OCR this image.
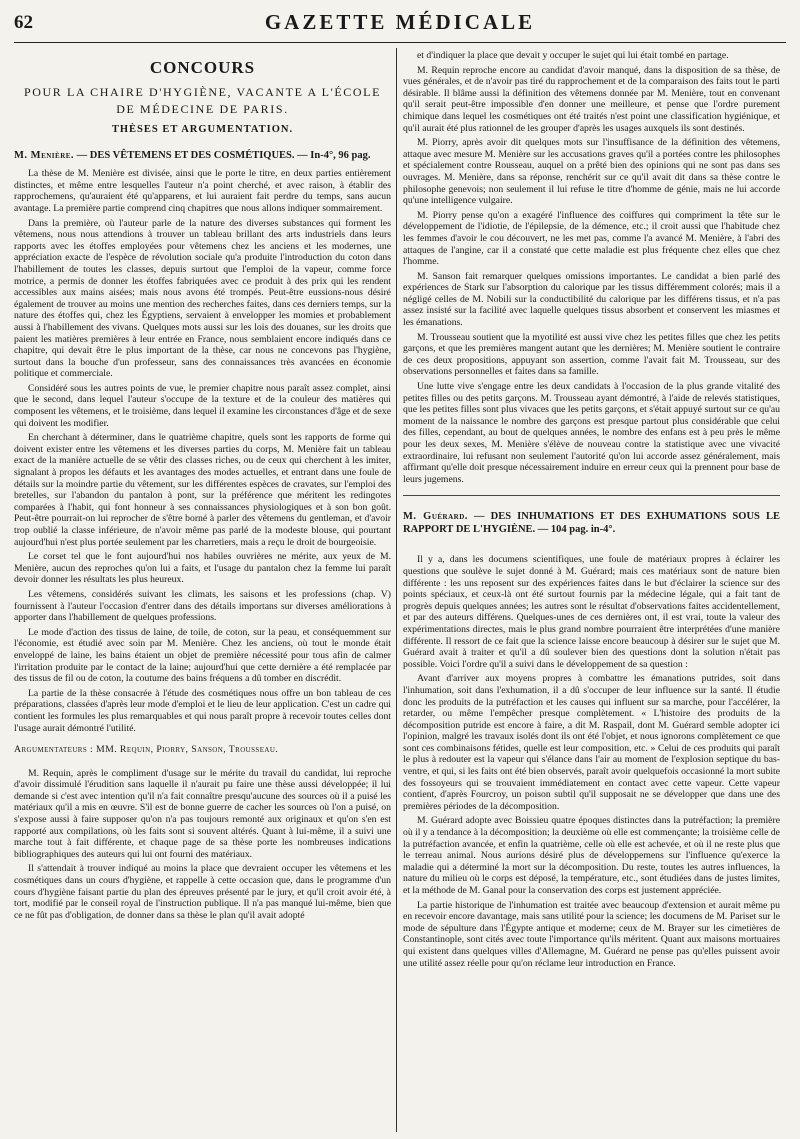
62	GAZETTE MÉDICALE
CONCOURS
POUR LA CHAIRE D'HYGIÈNE, VACANTE A L'ÉCOLE DE MÉDECINE DE PARIS.
THÈSES ET ARGUMENTATION.
M. Menière. — DES VÊTEMENS ET DES COSMÉTIQUES. — In-4°, 96 pag.

La thèse de M. Menière est divisée, ainsi que le porte le titre, en deux parties entièrement distinctes, et même entre lesquelles l'auteur n'a point cherché, et avec raison, à établir des rapprochemens, qu'auraient été qu'apparens, et lui auraient fait perdre du temps, sans aucun avantage. La première partie comprend cinq chapitres que nous allons indiquer sommairement.

Dans la première, où l'auteur parle de la nature des diverses substances qui forment les vêtemens, nous nous attendions à trouver un tableau brillant des arts industriels dans leurs rapports avec les étoffes employées pour vêtemens chez les anciens et les modernes, une appréciation exacte de l'espèce de révolution sociale qu'a produite l'introduction du coton dans l'habillement de toutes les classes, depuis surtout que l'emploi de la vapeur, comme force motrice, a permis de donner les étoffes fabriquées avec ce produit à des prix qui les rendent accessibles aux mains aisées; mais nous avons été trompés. Peut-être eussions-nous désiré également de trouver au moins une mention des recherches faites, dans ces derniers temps, sur la nature des étoffes qui, chez les Égyptiens, servaient à envelopper les momies et probablement aussi à l'habillement des vivans. Quelques mots aussi sur les lois des douanes, sur les droits que paient les matières premières à leur entrée en France, nous semblaient encore indiqués dans ce chapitre, qui devait être le plus important de la thèse, car nous ne concevons pas l'hygiène, surtout dans la bouche d'un professeur, sans des connaissances très avancées en économie politique et commerciale.

Considéré sous les autres points de vue, le premier chapitre nous paraît assez complet, ainsi que le second, dans lequel l'auteur s'occupe de la texture et de la couleur des matières qui composent les vêtemens, et le troisième, dans lequel il examine les circonstances d'âge et de sexe qui doivent les modifier.

En cherchant à déterminer, dans le quatrième chapitre, quels sont les rapports de forme qui doivent exister entre les vêtemens et les diverses parties du corps, M. Menière fait un tableau exact de la manière actuelle de se vêtir des classes riches, ou de ceux qui cherchent à les imiter, signalant à propos les défauts et les avantages des modes actuelles, et entrant dans une foule de détails sur la moindre partie du vêtement, sur les différentes espèces de cravates, sur l'emploi des bretelles, sur l'abandon du pantalon à pont, sur la préférence que méritent les redingotes comparées à l'habit, qui font honneur à ses connaissances physiologiques et à son bon goût. Peut-être pourrait-on lui reprocher de s'être borné à parler des vêtemens du gentleman, et d'avoir trop oublié la classe inférieure, de n'avoir même pas parlé de la modeste blouse, qui pourtant aujourd'hui n'est plus portée seulement par les charretiers, mais a reçu le droit de bourgeoisie.

Le corset tel que le font aujourd'hui nos habiles ouvrières ne mérite, aux yeux de M. Menière, aucun des reproches qu'on lui a faits, et l'usage du pantalon chez la femme lui paraît devoir donner les résultats les plus heureux.

Les vêtemens, considérés suivant les climats, les saisons et les professions (chap. V) fournissent à l'auteur l'occasion d'entrer dans des détails importans sur diverses améliorations à apporter dans l'habillement de quelques professions.

Le mode d'action des tissus de laine, de toile, de coton, sur la peau, et conséquemment sur l'économie, est étudié avec soin par M. Menière. Chez les anciens, où tout le monde était enveloppé de laine, les bains étaient un objet de première nécessité pour tous afin de calmer l'irritation produite par le contact de la laine; aujourd'hui que cette dernière a été remplacée par des tissus de fil ou de coton, la coutume des bains fréquens a dû tomber en discrédit.

La partie de la thèse consacrée à l'étude des cosmétiques nous offre un bon tableau de ces préparations, classées d'après leur mode d'emploi et le lieu de leur application. C'est un cadre qui contient les formules les plus remarquables et qui nous paraît propre à recevoir toutes celles dont l'usage aurait démontré l'utilité.

Argumentateurs : MM. Requin, Piorry, Sanson, Trousseau.

M. Requin, après le compliment d'usage sur le mérite du travail du candidat, lui reproche d'avoir dissimulé l'érudition sans laquelle il n'aurait pu faire une thèse aussi développée; il lui demande si c'est avec intention qu'il n'a fait connaître presqu'aucune des sources où il a puisé les matériaux qu'il a mis en œuvre. S'il est de bonne guerre de cacher les sources où l'on a puisé, on s'expose aussi à faire supposer qu'on n'a pas toujours remonté aux originaux et qu'on s'en est rapporté aux compilations, où les faits sont si souvent altérés. Quant à lui-même, il a suivi une marche tout à fait différente, et chaque page de sa thèse porte les nombreuses indications bibliographiques des auteurs qui lui ont fourni des matériaux.

Il s'attendait à trouver indiqué au moins la place que devraient occuper les vêtemens et les cosmétiques dans un cours d'hygiène, et rappelle à cette occasion que, dans le programme d'un cours d'hygiène faisant partie du plan des épreuves présenté par le jury, et qu'il croit avoir été, à tort, modifié par le conseil royal de l'instruction publique. Il n'a pas manqué lui-même, bien que ce ne fût pas d'obligation, de donner dans sa thèse le plan qu'il avait adopté

et d'indiquer la place que devait y occuper le sujet qui lui était tombé en partage.

M. Requin reproche encore au candidat d'avoir manqué, dans la disposition de sa thèse, de vues générales, et de n'avoir pas tiré du rapprochement et de la comparaison des faits tout le parti désirable. Il blâme aussi la définition des vêtemens donnée par M. Menière, tout en convenant qu'il serait peut-être impossible d'en donner une meilleure, et pense que l'ordre purement chimique dans lequel les cosmétiques ont été traités n'est point une classification hygiénique, et qu'il aurait été plus rationnel de les grouper d'après les usages auxquels ils sont destinés.

M. Piorry, après avoir dit quelques mots sur l'insuffisance de la définition des vêtemens, attaque avec mesure M. Menière sur les accusations graves qu'il a portées contre les philosophes et spécialement contre Rousseau, auquel on a prêté bien des opinions qui ne sont pas dans ses ouvrages. M. Menière, dans sa réponse, renchérit sur ce qu'il avait dit dans sa thèse contre le philosophe genevois; non seulement il lui refuse le titre d'homme de génie, mais ne lui accorde qu'une intelligence vulgaire.

M. Piorry pense qu'on a exagéré l'influence des coiffures qui compriment la tête sur le développement de l'idiotie, de l'épilepsie, de la démence, etc.; il croit aussi que l'habitude chez les femmes d'avoir le cou découvert, ne les met pas, comme l'a avancé M. Menière, à l'abri des attaques de l'angine, car il a constaté que cette maladie est plus fréquente chez elles que chez l'homme.

M. Sanson fait remarquer quelques omissions importantes. Le candidat a bien parlé des expériences de Stark sur l'absorption du calorique par les tissus différemment colorés; mais il a négligé celles de M. Nobili sur la conductibilité du calorique par les différens tissus, et n'a pas assez insisté sur la facilité avec laquelle quelques tissus absorbent et conservent les miasmes et les émanations.

M. Trousseau soutient que la myotilité est aussi vive chez les petites filles que chez les petits garçons, et que les premières mangent autant que les dernières; M. Menière soutient le contraire de ces deux propositions, appuyant son assertion, comme l'avait fait M. Trousseau, sur des observations personnelles et faites dans sa famille.

Une lutte vive s'engage entre les deux candidats à l'occasion de la plus grande vitalité des petites filles ou des petits garçons. M. Trousseau ayant démontré, à l'aide de relevés statistiques, que les petites filles sont plus vivaces que les petits garçons, et s'était appuyé surtout sur ce qu'au moment de la naissance le nombre des garçons est presque partout plus considérable que celui des filles, cependant, au bout de quelques années, le nombre des enfans est à peu près le même pour les deux sexes, M. Menière s'élève de nouveau contre la statistique avec une vivacité extraordinaire, lui refusant non seulement l'autorité qu'on lui accorde assez généralement, mais affirmant qu'elle doit presque nécessairement induire en erreur ceux qui la prennent pour base de leurs jugemens.

M. Guérard. — DES INHUMATIONS ET DES EXHUMATIONS SOUS LE RAPPORT DE L'HYGIÈNE. — 104 pag. in-4°.

Il y a, dans les documens scientifiques, une foule de matériaux propres à éclairer les questions que soulève le sujet donné à M. Guérard; mais ces matériaux sont de nature bien différente : les uns reposent sur des expériences faites dans le but d'éclairer la science sur des points spéciaux, et ceux-là ont été surtout fournis par la médecine légale, qui a fait tant de progrès depuis quelques années; les autres sont le résultat d'observations faites accidentellement, et par des auteurs différens. Quelques-unes de ces dernières ont, il est vrai, toute la valeur des expérimentations directes, mais le plus grand nombre pourraient être interprétées d'une manière différente. Il ressort de ce fait que la science laisse encore beaucoup à désirer sur le sujet que M. Guérard avait à traiter et qu'il a dû soulever bien des questions dont la solution n'était pas possible. Voici l'ordre qu'il a suivi dans le développement de sa question :

Avant d'arriver aux moyens propres à combattre les émanations putrides, soit dans l'inhumation, soit dans l'exhumation, il a dû s'occuper de leur influence sur la santé. Il étudie donc les produits de la putréfaction et les causes qui influent sur sa marche, pour l'accélérer, la retarder, ou même l'empêcher presque complètement. « L'histoire des produits de la décomposition putride est encore à faire, a dit M. Raspail, dont M. Guérard semble adopter ici l'opinion, malgré les travaux isolés dont ils ont été l'objet, et nous ignorons complètement ce que sont ces combinaisons fétides, quelle est leur composition, etc. » Celui de ces produits qui paraît le plus à redouter est la vapeur qui s'élance dans l'air au moment de l'explosion septique du bas-ventre, et qui, si les faits ont été bien observés, paraît avoir quelquefois occasionné la mort subite des fossoyeurs qui se trouvaient immédiatement en contact avec cette vapeur. Cette vapeur contient, d'après Fourcroy, un poison subtil qu'il supposait ne se développer que dans une des premières périodes de la décomposition.

M. Guérard adopte avec Boissieu quatre époques distinctes dans la putréfaction; la première où il y a tendance à la décomposition; la deuxième où elle est commençante; la troisième celle de la putréfaction avancée, et enfin la quatrième, celle où elle est achevée, et où il ne reste plus que le terreau animal. Nous aurions désiré plus de développemens sur l'influence qu'exerce la maladie qui a déterminé la mort sur la décomposition. Du reste, toutes les autres influences, la nature du milieu où le corps est déposé, la température, etc., sont étudiées dans de justes limites, et la méthode de M. Ganal pour la conservation des corps est justement appréciée.

La partie historique de l'inhumation est traitée avec beaucoup d'extension et aurait même pu en recevoir encore davantage, mais sans utilité pour la science; les documens de M. Pariset sur le mode de sépulture dans l'Égypte antique et moderne; ceux de M. Brayer sur les cimetières de Constantinople, sont cités avec toute l'importance qu'ils méritent. Quant aux maisons mortuaires qui existent dans quelques villes d'Allemagne, M. Guérard ne pense pas qu'elles puissent avoir une utilité assez réelle pour qu'on réclame leur introduction en France.
